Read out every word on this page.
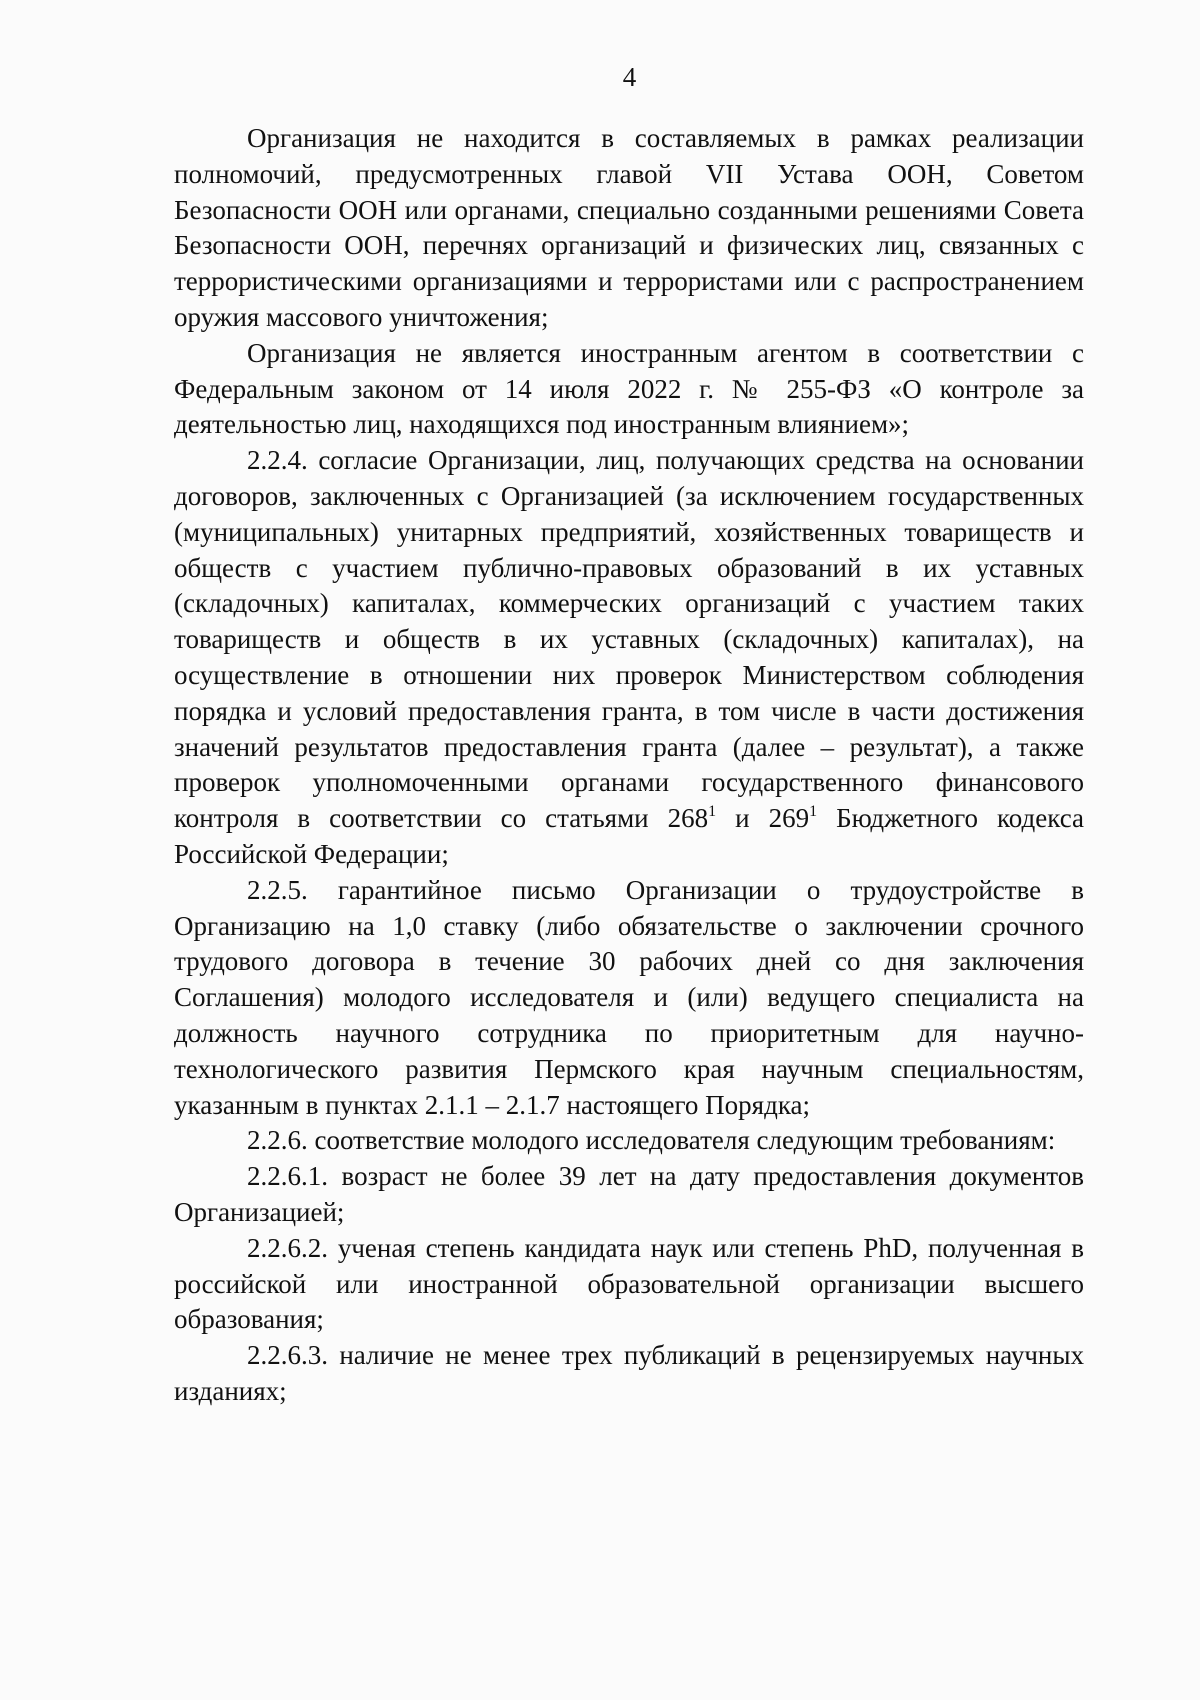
4

Организация не находится в составляемых в рамках реализации полномочий, предусмотренных главой VII Устава ООН, Советом Безопасности ООН или органами, специально созданными решениями Совета Безопасности ООН, перечнях организаций и физических лиц, связанных с террористическими организациями и террористами или с распространением оружия массового уничтожения;

Организация не является иностранным агентом в соответствии с Федеральным законом от 14 июля 2022 г. № 255-ФЗ «О контроле за деятельностью лиц, находящихся под иностранным влиянием»;

2.2.4. согласие Организации, лиц, получающих средства на основании договоров, заключенных с Организацией (за исключением государственных (муниципальных) унитарных предприятий, хозяйственных товариществ и обществ с участием публично-правовых образований в их уставных (складочных) капиталах, коммерческих организаций с участием таких товариществ и обществ в их уставных (складочных) капиталах), на осуществление в отношении них проверок Министерством соблюдения порядка и условий предоставления гранта, в том числе в части достижения значений результатов предоставления гранта (далее – результат), а также проверок уполномоченными органами государственного финансового контроля в соответствии со статьями $268^1$ и $269^1$ Бюджетного кодекса Российской Федерации;

2.2.5. гарантийное письмо Организации о трудоустройстве в Организацию на 1,0 ставку (либо обязательстве о заключении срочного трудового договора в течение 30 рабочих дней со дня заключения Соглашения) молодого исследователя и (или) ведущего специалиста на должность научного сотрудника по приоритетным для научно-технологического развития Пермского края научным специальностям, указанным в пунктах 2.1.1 – 2.1.7 настоящего Порядка;

2.2.6. соответствие молодого исследователя следующим требованиям:

2.2.6.1. возраст не более 39 лет на дату предоставления документов Организацией;

2.2.6.2. ученая степень кандидата наук или степень PhD, полученная в российской или иностранной образовательной организации высшего образования;

2.2.6.3. наличие не менее трех публикаций в рецензируемых научных изданиях;
